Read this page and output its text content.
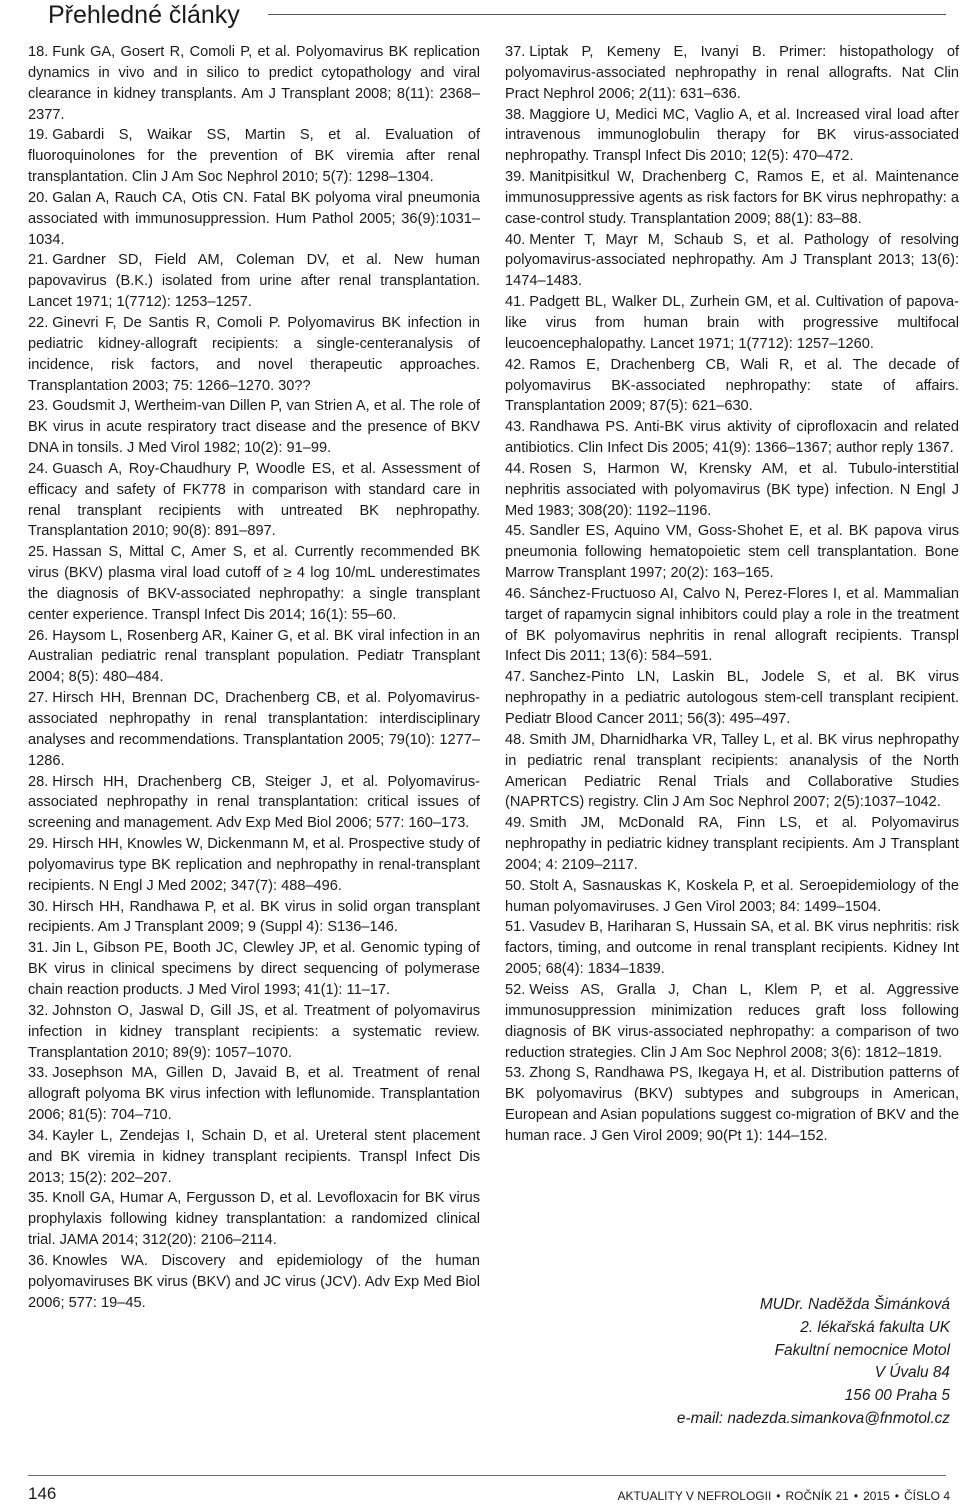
Přehledné články

18. Funk GA, Gosert R, Comoli P, et al. Polyomavirus BK replication dynamics in vivo and in silico to predict cytopathology and viral clearance in kidney transplants. Am J Transplant 2008; 8(11): 2368–2377.

19. Gabardi S, Waikar SS, Martin S, et al. Evaluation of fluoroquinolones for the prevention of BK viremia after renal transplantation. Clin J Am Soc Nephrol 2010; 5(7): 1298–1304.

20. Galan A, Rauch CA, Otis CN. Fatal BK polyoma viral pneumonia associated with immunosuppression. Hum Pathol 2005; 36(9):1031–1034.

21. Gardner SD, Field AM, Coleman DV, et al. New human papovavirus (B.K.) isolated from urine after renal transplantation. Lancet 1971; 1(7712): 1253–1257.

22. Ginevri F, De Santis R, Comoli P. Polyomavirus BK infection in pediatric kidney-allograft recipients: a single-centeranalysis of incidence, risk factors, and novel therapeutic approaches. Transplantation 2003; 75: 1266–1270. 30??

23. Goudsmit J, Wertheim-van Dillen P, van Strien A, et al. The role of BK virus in acute respiratory tract disease and the presence of BKV DNA in tonsils. J Med Virol 1982; 10(2): 91–99.

24. Guasch A, Roy-Chaudhury P, Woodle ES, et al. Assessment of efficacy and safety of FK778 in comparison with standard care in renal transplant recipients with untreated BK nephropathy. Transplantation 2010; 90(8): 891–897.

25. Hassan S, Mittal C, Amer S, et al. Currently recommended BK virus (BKV) plasma viral load cutoff of ≥ 4 log 10/mL underestimates the diagnosis of BKV-associated nephropathy: a single transplant center experience. Transpl Infect Dis 2014; 16(1): 55–60.

26. Haysom L, Rosenberg AR, Kainer G, et al. BK viral infection in an Australian pediatric renal transplant population. Pediatr Transplant 2004; 8(5): 480–484.

27. Hirsch HH, Brennan DC, Drachenberg CB, et al. Polyomavirus-associated nephropathy in renal transplantation: interdisciplinary analyses and recommendations. Transplantation 2005; 79(10): 1277–1286.

28. Hirsch HH, Drachenberg CB, Steiger J, et al. Polyomavirus-associated nephropathy in renal transplantation: critical issues of screening and management. Adv Exp Med Biol 2006; 577: 160–173.

29. Hirsch HH, Knowles W, Dickenmann M, et al. Prospective study of polyomavirus type BK replication and nephropathy in renal-transplant recipients. N Engl J Med 2002; 347(7): 488–496.

30. Hirsch HH, Randhawa P, et al. BK virus in solid organ transplant recipients. Am J Transplant 2009; 9 (Suppl 4): S136–146.

31. Jin L, Gibson PE, Booth JC, Clewley JP, et al. Genomic typing of BK virus in clinical specimens by direct sequencing of polymerase chain reaction products. J Med Virol 1993; 41(1): 11–17.

32. Johnston O, Jaswal D, Gill JS, et al. Treatment of polyomavirus infection in kidney transplant recipients: a systematic review. Transplantation 2010; 89(9): 1057–1070.

33. Josephson MA, Gillen D, Javaid B, et al. Treatment of renal allograft polyoma BK virus infection with leflunomide. Transplantation 2006; 81(5): 704–710.

34. Kayler L, Zendejas I, Schain D, et al. Ureteral stent placement and BK viremia in kidney transplant recipients. Transpl Infect Dis 2013; 15(2): 202–207.

35. Knoll GA, Humar A, Fergusson D, et al. Levofloxacin for BK virus prophylaxis following kidney transplantation: a randomized clinical trial. JAMA 2014; 312(20): 2106–2114.

36. Knowles WA. Discovery and epidemiology of the human polyomaviruses BK virus (BKV) and JC virus (JCV). Adv Exp Med Biol 2006; 577: 19–45.

37. Liptak P, Kemeny E, Ivanyi B. Primer: histopathology of polyomavirus-associated nephropathy in renal allografts. Nat Clin Pract Nephrol 2006; 2(11): 631–636.

38. Maggiore U, Medici MC, Vaglio A, et al. Increased viral load after intravenous immunoglobulin therapy for BK virus-associated nephropathy. Transpl Infect Dis 2010; 12(5): 470–472.

39. Manitpisitkul W, Drachenberg C, Ramos E, et al. Maintenance immunosuppressive agents as risk factors for BK virus nephropathy: a case-control study. Transplantation 2009; 88(1): 83–88.

40. Menter T, Mayr M, Schaub S, et al. Pathology of resolving polyomavirus-associated nephropathy. Am J Transplant 2013; 13(6): 1474–1483.

41. Padgett BL, Walker DL, Zurhein GM, et al. Cultivation of papova-like virus from human brain with progressive multifocal leucoencephalopathy. Lancet 1971; 1(7712): 1257–1260.

42. Ramos E, Drachenberg CB, Wali R, et al. The decade of polyomavirus BK-associated nephropathy: state of affairs. Transplantation 2009; 87(5): 621–630.

43. Randhawa PS. Anti-BK virus aktivity of ciprofloxacin and related antibiotics. Clin Infect Dis 2005; 41(9): 1366–1367; author reply 1367.

44. Rosen S, Harmon W, Krensky AM, et al. Tubulo-interstitial nephritis associated with polyomavirus (BK type) infection. N Engl J Med 1983; 308(20): 1192–1196.

45. Sandler ES, Aquino VM, Goss-Shohet E, et al. BK papova virus pneumonia following hematopoietic stem cell transplantation. Bone Marrow Transplant 1997; 20(2): 163–165.

46. Sánchez-Fructuoso AI, Calvo N, Perez-Flores I, et al. Mammalian target of rapamycin signal inhibitors could play a role in the treatment of BK polyomavirus nephritis in renal allograft recipients. Transpl Infect Dis 2011; 13(6): 584–591.

47. Sanchez-Pinto LN, Laskin BL, Jodele S, et al. BK virus nephropathy in a pediatric autologous stem-cell transplant recipient. Pediatr Blood Cancer 2011; 56(3): 495–497.

48. Smith JM, Dharnidharka VR, Talley L, et al. BK virus nephropathy in pediatric renal transplant recipients: ananalysis of the North American Pediatric Renal Trials and Collaborative Studies (NAPRTCS) registry. Clin J Am Soc Nephrol 2007; 2(5):1037–1042.

49. Smith JM, McDonald RA, Finn LS, et al. Polyomavirus nephropathy in pediatric kidney transplant recipients. Am J Transplant 2004; 4: 2109–2117.

50. Stolt A, Sasnauskas K, Koskela P, et al. Seroepidemiology of the human polyomaviruses. J Gen Virol 2003; 84: 1499–1504.

51. Vasudev B, Hariharan S, Hussain SA, et al. BK virus nephritis: risk factors, timing, and outcome in renal transplant recipients. Kidney Int 2005; 68(4): 1834–1839.

52. Weiss AS, Gralla J, Chan L, Klem P, et al. Aggressive immunosuppression minimization reduces graft loss following diagnosis of BK virus-associated nephropathy: a comparison of two reduction strategies. Clin J Am Soc Nephrol 2008; 3(6): 1812–1819.

53. Zhong S, Randhawa PS, Ikegaya H, et al. Distribution patterns of BK polyomavirus (BKV) subtypes and subgroups in American, European and Asian populations suggest co-migration of BKV and the human race. J Gen Virol 2009; 90(Pt 1): 144–152.

MUDr. Naděžda Šimánková
2. lékařská fakulta UK
Fakultní nemocnice Motol
V Úvalu 84
156 00 Praha 5
e-mail: nadezda.simankova@fnmotol.cz
146	AKTUALITY V NEFROLOGII • ROČNÍK 21 • 2015 • ČÍSLO 4
